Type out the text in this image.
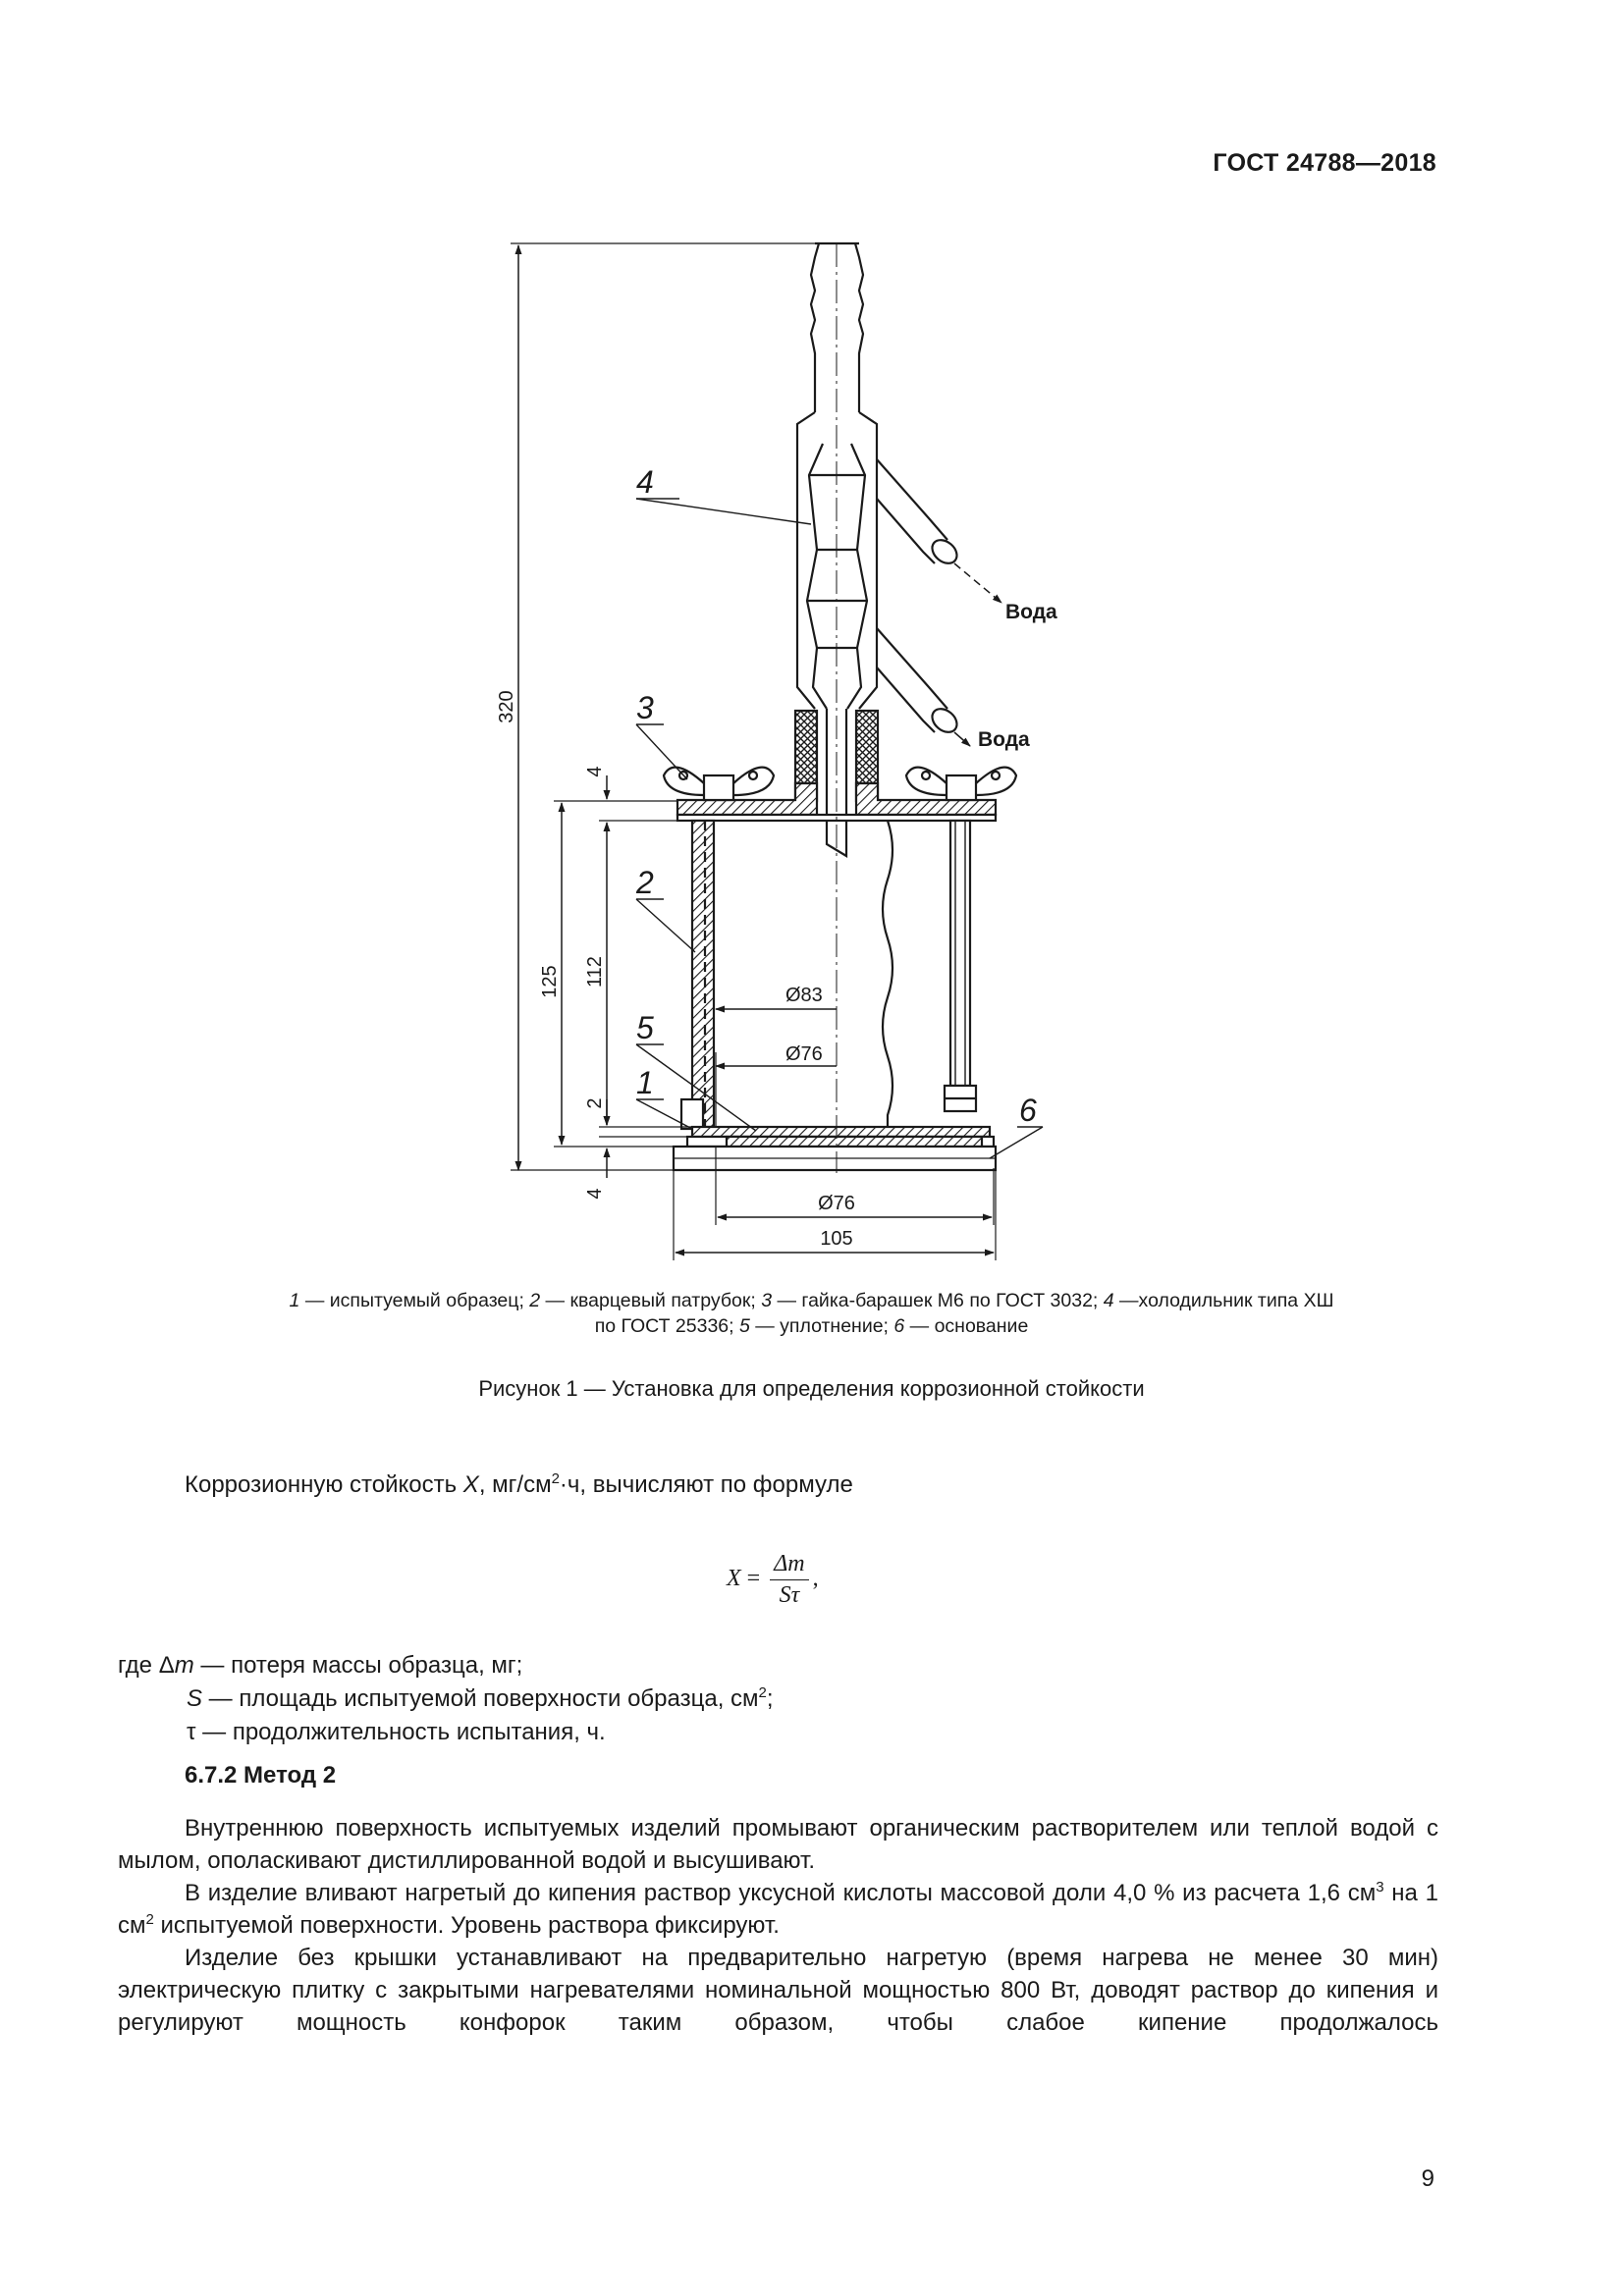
ГОСТ 24788—2018
320
125 112
4
2
4
Ø83
Ø76
Ø76
105
4
3
2
5
1
6
Вода
Вода
1 — испытуемый образец; 2 — кварцевый патрубок; 3 — гайка-барашек М6 по ГОСТ 3032; 4 —холодильник типа ХШ
по ГОСТ 25336; 5 — уплотнение; 6 — основание
Рисунок 1 — Установка для определения коррозионной стойкости

Коррозионную стойкость X, $мг/см^2\cdot ч$, вычисляют по формуле

$X = \frac{\Delta m}{S\tau}$ ,
где Δm — потеря массы образца, мг;
S — площадь испытуемой поверхности образца, $см^2$;
τ — продолжительность испытания, ч.
6.7.2 Метод 2

Внутреннюю поверхность испытуемых изделий промывают органическим растворителем или теплой водой с мылом, ополаскивают дистиллированной водой и высушивают.

В изделие вливают нагретый до кипения раствор уксусной кислоты массовой доли 4,0 % из расчета 1,6 $см^3$ на 1 $см^2$ испытуемой поверхности. Уровень раствора фиксируют.

Изделие без крышки устанавливают на предварительно нагретую (время нагрева не менее 30 мин) электрическую плитку с закрытыми нагревателями номинальной мощностью 800 Вт, доводят раствор до кипения и регулируют мощность конфорок таким образом, чтобы слабое кипение продолжалось

9
